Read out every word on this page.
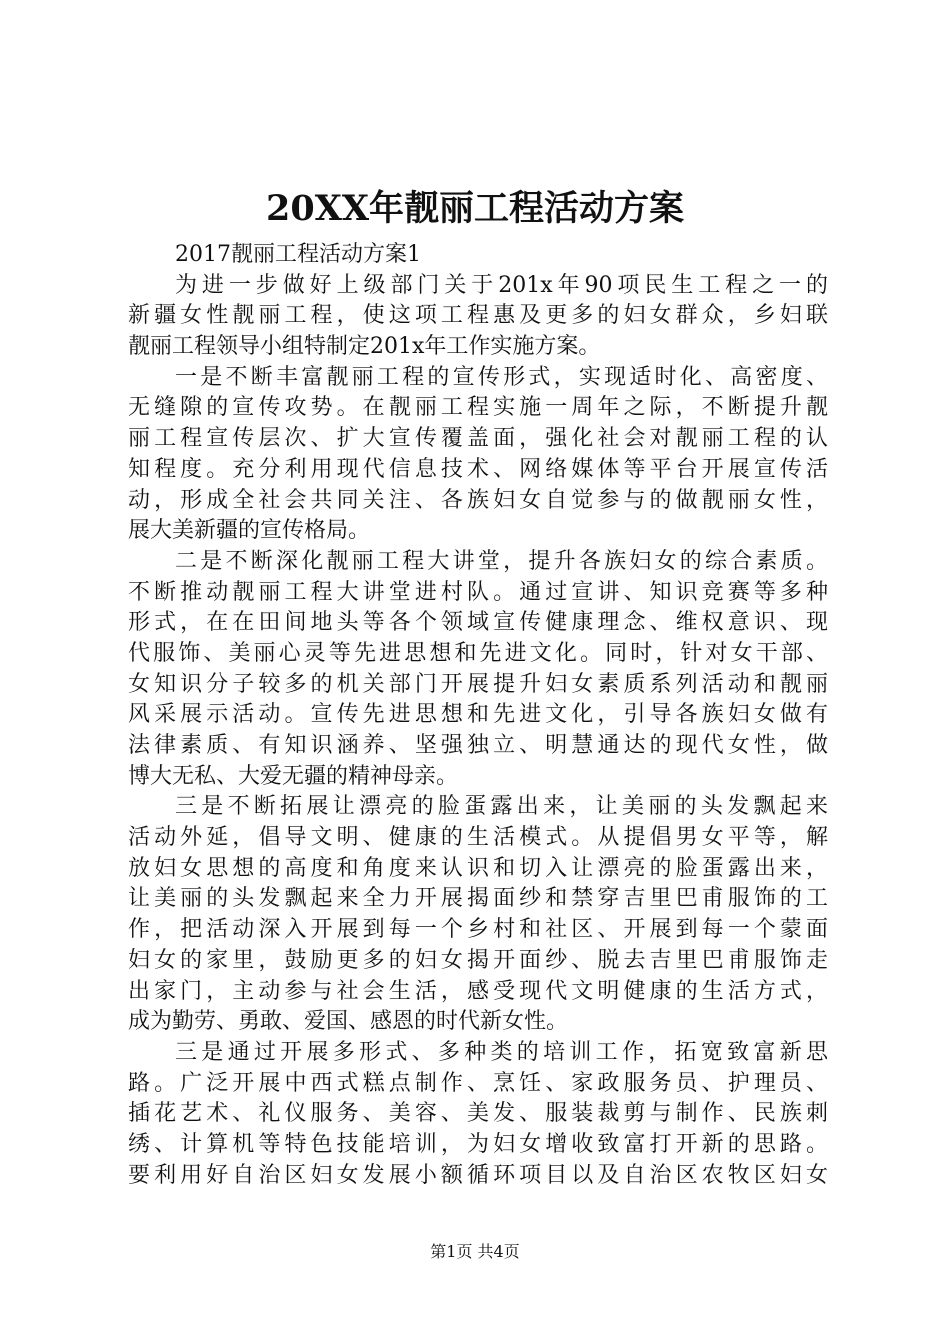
20XX年靓丽工程活动方案
2017靓丽工程活动方案1
为进一步做好上级部门关于201x年90项民生工程之一的
新疆女性靓丽工程，使这项工程惠及更多的妇女群众，乡妇联
靓丽工程领导小组特制定201x年工作实施方案。
一是不断丰富靓丽工程的宣传形式，实现适时化、高密度、
无缝隙的宣传攻势。在靓丽工程实施一周年之际，不断提升靓
丽工程宣传层次、扩大宣传覆盖面，强化社会对靓丽工程的认
知程度。充分利用现代信息技术、网络媒体等平台开展宣传活
动，形成全社会共同关注、各族妇女自觉参与的做靓丽女性，
展大美新疆的宣传格局。
二是不断深化靓丽工程大讲堂，提升各族妇女的综合素质。
不断推动靓丽工程大讲堂进村队。通过宣讲、知识竞赛等多种
形式，在在田间地头等各个领域宣传健康理念、维权意识、现
代服饰、美丽心灵等先进思想和先进文化。同时，针对女干部、
女知识分子较多的机关部门开展提升妇女素质系列活动和靓丽
风采展示活动。宣传先进思想和先进文化，引导各族妇女做有
法律素质、有知识涵养、坚强独立、明慧通达的现代女性，做
博大无私、大爱无疆的精神母亲。
三是不断拓展让漂亮的脸蛋露出来，让美丽的头发飘起来
活动外延，倡导文明、健康的生活模式。从提倡男女平等，解
放妇女思想的高度和角度来认识和切入让漂亮的脸蛋露出来，
让美丽的头发飘起来全力开展揭面纱和禁穿吉里巴甫服饰的工
作，把活动深入开展到每一个乡村和社区、开展到每一个蒙面
妇女的家里，鼓励更多的妇女揭开面纱、脱去吉里巴甫服饰走
出家门，主动参与社会生活，感受现代文明健康的生活方式，
成为勤劳、勇敢、爱国、感恩的时代新女性。
三是通过开展多形式、多种类的培训工作，拓宽致富新思
路。广泛开展中西式糕点制作、烹饪、家政服务员、护理员、
插花艺术、礼仪服务、美容、美发、服装裁剪与制作、民族刺
绣、计算机等特色技能培训，为妇女增收致富打开新的思路。
要利用好自治区妇女发展小额循环项目以及自治区农牧区妇女
第1页 共4页
